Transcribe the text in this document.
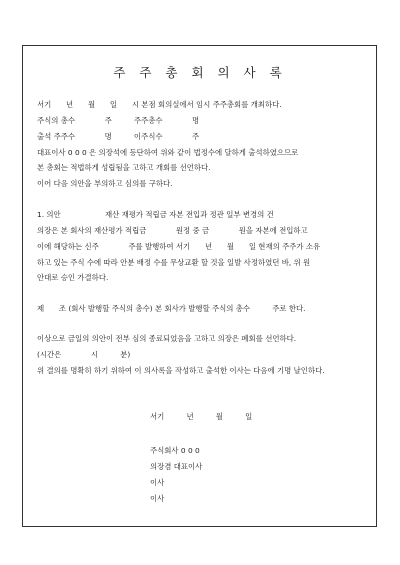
주 주 총 회 의 사 록
서기　　년　　월　　일　　시 본점 회의실에서 임시 주주총회를 개최하다.
주식의 총수　　　　주　　　주주총수　　　　명
출석 주주수　　　　명　　　이주식수　　　　주
대표이사 0 0 0 은 의장석에 등단하여 위와 같이 법정수에 달하게 출석하였으므로
본 총회는 적법하게 성립됨을 고하고 개회를 선언하다.
이어 다음 의안을 부의하고 심의를 구하다.
1. 의안　　　　　　재산 재평가 적립금 자본 전입과 정관 일부 변경의 건
의장은 본 회사의 재산평가 적립금　　　　원정 중 금　　　　원을 자본에 전입하고
이에 해당하는 신주　　　　주를 발행하여 서기　　년　　월　　일 현재의 주주가 소유
하고 있는 주식 수에 따라 안분 배정 수를 무상교환 할 것을 일발 사정하였던 바, 위 원
안대로 승인 가결하다.
제　　조 (회사 발행할 주식의 총수) 본 회사가 발행할 주식의 총수　　　주로 한다.
이상으로 금일의 의안이 전부 심의 종료되었음을 고하고 의장은 폐회를 선언하다.
(시간은　　　　시　　　분)
위 결의를 명확히 하기 위하여 이 의사록을 작성하고 출석한 이사는 다음에 기명 날인하다.
서기　　　년　　　월　　　일
주식회사 0 0 0
의장겸 대표이사
이사
이사
